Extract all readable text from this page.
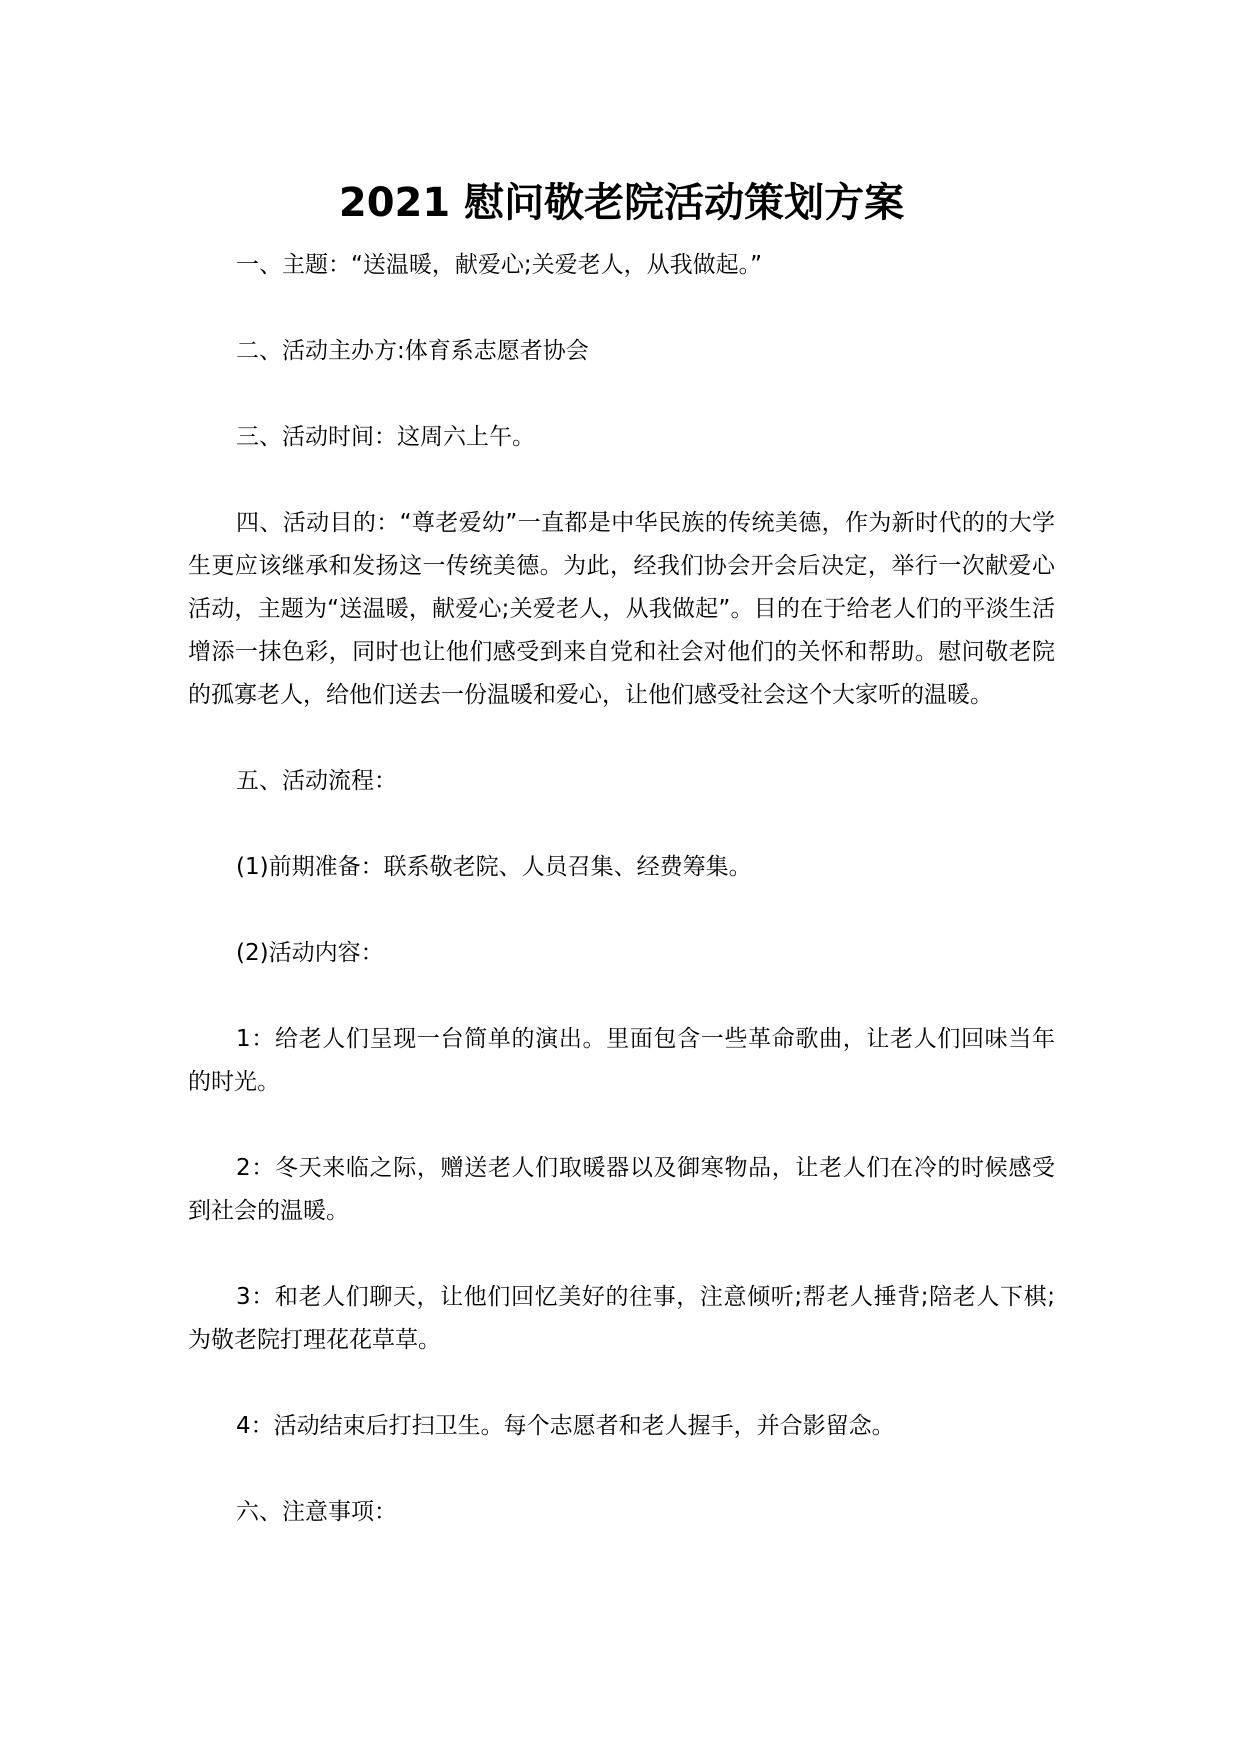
2021 慰问敬老院活动策划方案

一、主题：“送温暖，献爱心;关爱老人，从我做起。”

二、活动主办方:体育系志愿者协会

三、活动时间：这周六上午。

四、活动目的：“尊老爱幼”一直都是中华民族的传统美德，作为新时代的的大学生更应该继承和发扬这一传统美德。为此，经我们协会开会后决定，举行一次献爱心活动，主题为“送温暖，献爱心;关爱老人，从我做起”。目的在于给老人们的平淡生活增添一抹色彩，同时也让他们感受到来自党和社会对他们的关怀和帮助。慰问敬老院的孤寡老人，给他们送去一份温暖和爱心，让他们感受社会这个大家听的温暖。

五、活动流程：

(1)前期准备：联系敬老院、人员召集、经费筹集。

(2)活动内容：

1：给老人们呈现一台简单的演出。里面包含一些革命歌曲，让老人们回味当年的时光。

2：冬天来临之际，赠送老人们取暖器以及御寒物品，让老人们在冷的时候感受到社会的温暖。

3：和老人们聊天，让他们回忆美好的往事，注意倾听;帮老人捶背;陪老人下棋;为敬老院打理花花草草。

4：活动结束后打扫卫生。每个志愿者和老人握手，并合影留念。

六、注意事项：
